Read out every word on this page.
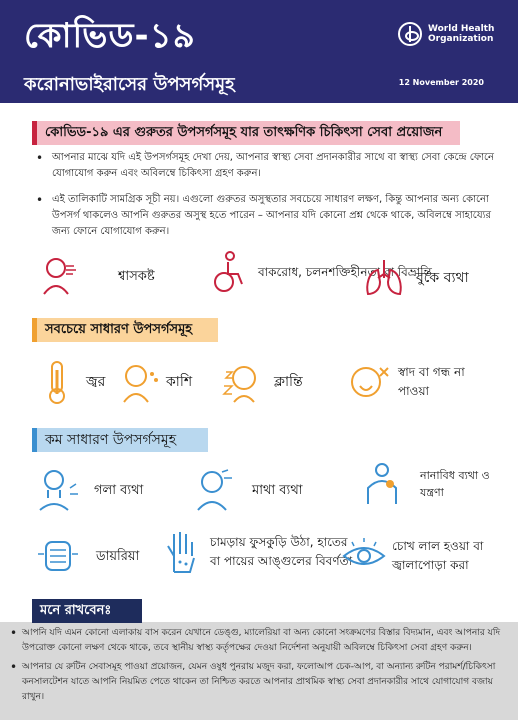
কোভিড-১৯
করোনাভাইরাসের উপসর্গসমূহ	12 November 2020
World Health
Organization
কোভিড-১৯ এর গুরুতর উপসর্গসমূহ যার তাৎক্ষণিক চিকিৎসা সেবা প্রয়োজন
• আপনার মাঝে যদি এই উপসর্গসমূহ দেখা দেয়, আপনার স্বাস্থ্য সেবা প্রদানকারীর সাথে বা স্বাস্থ্য সেবা কেন্দ্রে ফোনে যোগাযোগ করুন এবং অবিলম্বে চিকিৎসা গ্রহণ করুন।
• এই তালিকাটি সামগ্রিক সূচী নয়। এগুলো গুরুতর অসুস্থতার সবচেয়ে সাধারণ লক্ষণ, কিন্তু আপনার অন্য কোনো উপসর্গ থাকলেও আপনি গুরুতর অসুস্থ হতে পারেন – আপনার যদি কোনো প্রশ্ন থেকে থাকে, অবিলম্বে সাহায্যের জন্য ফোনে যোগাযোগ করুন।
শ্বাসকষ্ট	বাকরোধ, চলনশক্তিহীনতা বা বিভ্রান্তি
বুকে ব্যথা
সবচেয়ে সাধারণ উপসর্গসমূহ
জ্বর	কাশি	ক্লান্তি
স্বাদ বা গন্ধ না পাওয়া
কম সাধারণ উপসর্গসমূহ
গলা ব্যথা	মাথা ব্যথা
নানাবিধ ব্যথা ও যন্ত্রণা
ডায়রিয়া
চামড়ায় ফুসকুড়ি উঠা, হাতের বা পায়ের আঙ্গুলের বিবর্ণতা
চোখ লাল হওয়া বা জ্বালাপোড়া করা
মনে রাখবেনঃ
• আপনি যদি এমন কোনো এলাকায় বাস করেন যেখানে ডেঙ্গু, ম্যালেরিয়া বা অন্য কোনো সংক্রমণের বিস্তার বিদ্যমান, এবং আপনার যদি উপরোক্ত কোনো লক্ষণ থেকে থাকে, তবে স্থানীয় স্বাস্থ্য কর্তৃপক্ষের দেওয়া নির্দেশনা অনুযায়ী অবিলম্বে চিকিৎসা সেবা গ্রহণ করুন।
• আপনার যে রুটিন সেবাসমূহ পাওয়া প্রয়োজন, যেমন ওষুধ পুনরায় মজুদ করা, ফলোআপ চেক-আপ, বা অন্যান্য রুটিন পরামর্শ/চিকিৎসা কনসালটেশন যাতে আপনি নিয়মিত পেতে থাকেন তা নিশ্চিত করতে আপনার প্রাথমিক স্বাস্থ্য সেবা প্রদানকারীর সাথে যোগাযোগ বজায় রাখুন।
